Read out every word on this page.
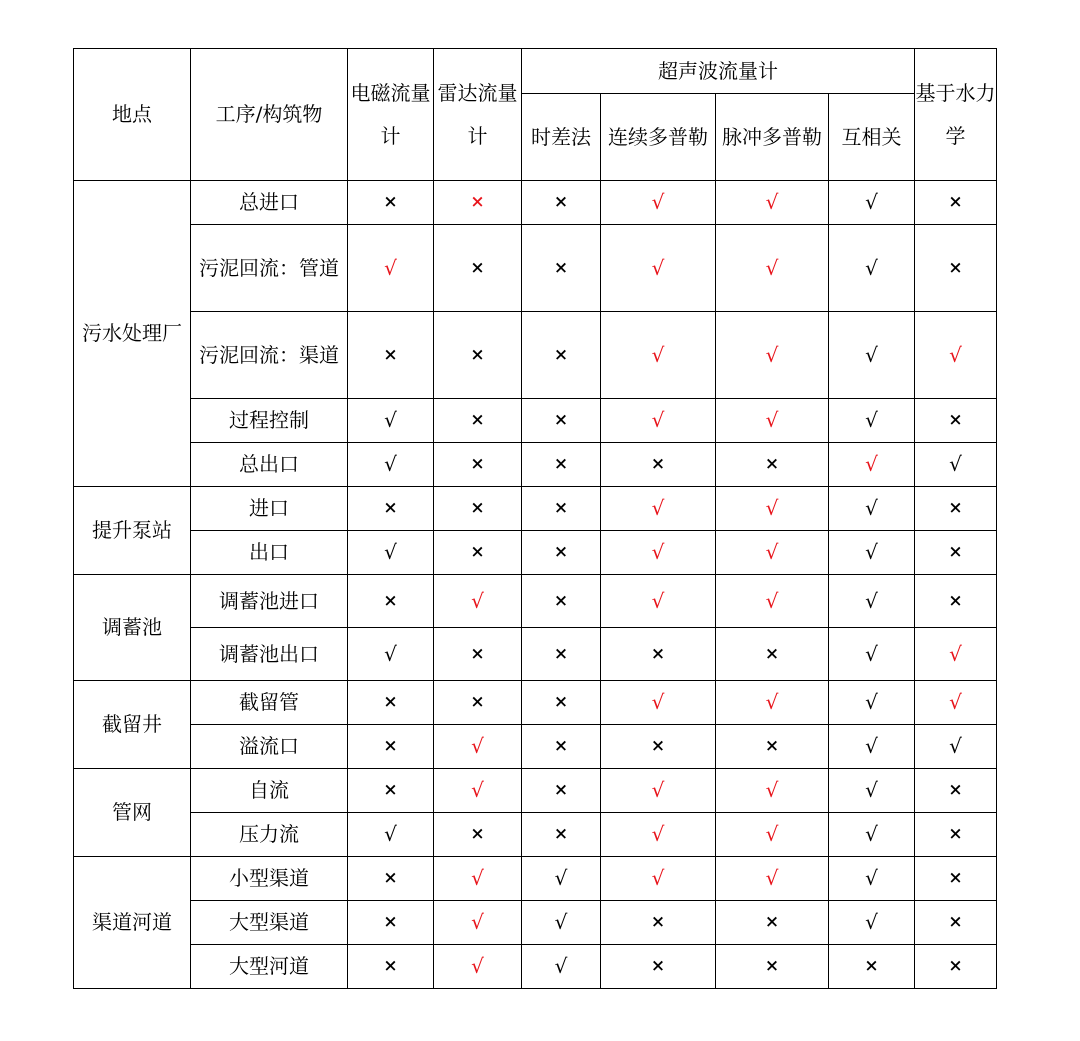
地点	工序/构筑物	电磁流量计	雷达流量计	超声波流量计				基于水力学
				时差法	连续多普勒	脉冲多普勒	互相关	
污水处理厂	总进口	×	×	×	√	√	√	×
	污泥回流：管道	√	×	×	√	√	√	×
	污泥回流：渠道	×	×	×	√	√	√	√
	过程控制	√	×	×	√	√	√	×
	总出口	√	×	×	×	×	√	√
提升泵站	进口	×	×	×	√	√	√	×
	出口	√	×	×	√	√	√	×
调蓄池	调蓄池进口	×	√	×	√	√	√	×
	调蓄池出口	√	×	×	×	×	√	√
截留井	截留管	×	×	×	√	√	√	√
	溢流口	×	√	×	×	×	√	√
管网	自流	×	√	×	√	√	√	×
	压力流	√	×	×	√	√	√	×
渠道河道	小型渠道	×	√	√	√	√	√	×
	大型渠道	×	√	√	×	×	√	×
	大型河道	×	√	√	×	×	×	×
